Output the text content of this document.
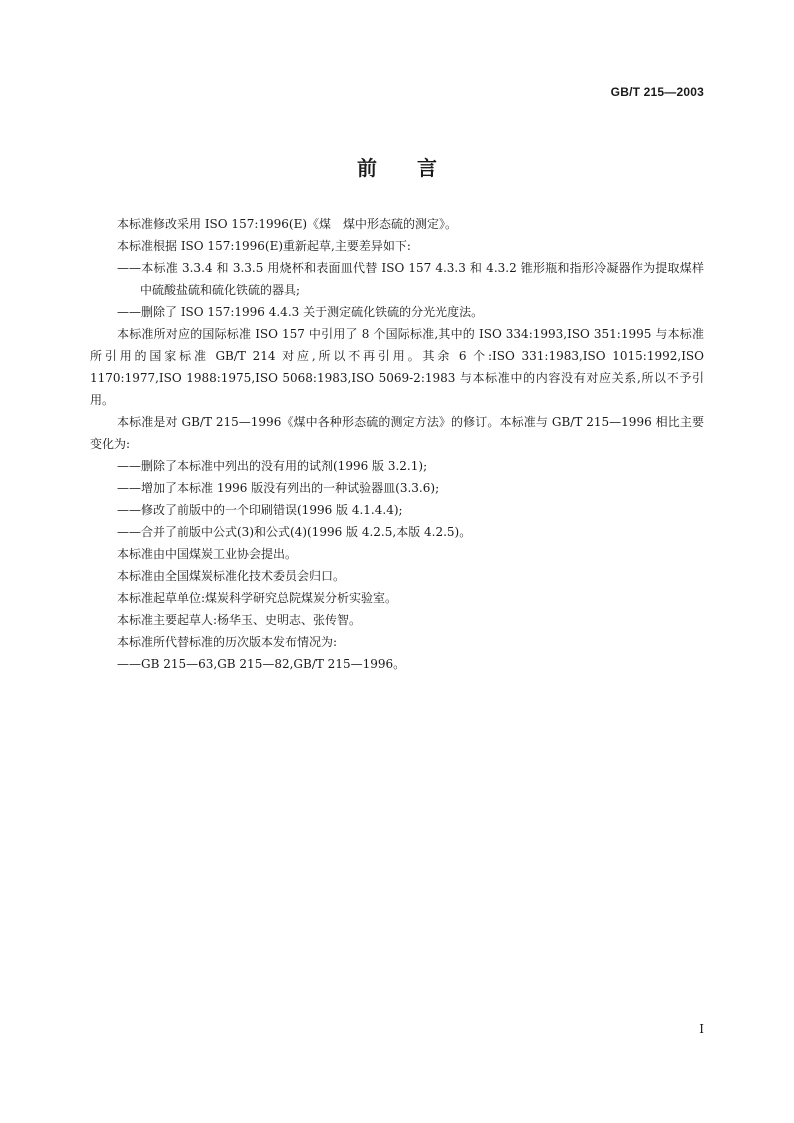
GB/T 215—2003
前言

本标准修改采用 ISO 157:1996(E)《煤　煤中形态硫的测定》。

本标准根据 ISO 157:1996(E)重新起草,主要差异如下:

——本标准 3.3.4 和 3.3.5 用烧杯和表面皿代替 ISO 157 4.3.3 和 4.3.2 锥形瓶和指形冷凝器作为提取煤样中硫酸盐硫和硫化铁硫的器具;

——删除了 ISO 157:1996 4.4.3 关于测定硫化铁硫的分光光度法。

本标准所对应的国际标准 ISO 157 中引用了 8 个国际标准,其中的 ISO 334:1993,ISO 351:1995 与本标准所引用的国家标准 GB/T 214 对应,所以不再引用。其余 6 个:ISO 331:1983,ISO 1015:1992,ISO 1170:1977,ISO 1988:1975,ISO 5068:1983,ISO 5069-2:1983 与本标准中的内容没有对应关系,所以不予引用。

本标准是对 GB/T 215—1996《煤中各种形态硫的测定方法》的修订。本标准与 GB/T 215—1996 相比主要变化为:

——删除了本标准中列出的没有用的试剂(1996 版 3.2.1);

——增加了本标准 1996 版没有列出的一种试验器皿(3.3.6);

——修改了前版中的一个印刷错误(1996 版 4.1.4.4);

——合并了前版中公式(3)和公式(4)(1996 版 4.2.5,本版 4.2.5)。

本标准由中国煤炭工业协会提出。

本标准由全国煤炭标准化技术委员会归口。

本标准起草单位:煤炭科学研究总院煤炭分析实验室。

本标准主要起草人:杨华玉、史明志、张传智。

本标准所代替标准的历次版本发布情况为:

——GB 215—63,GB 215—82,GB/T 215—1996。

I
